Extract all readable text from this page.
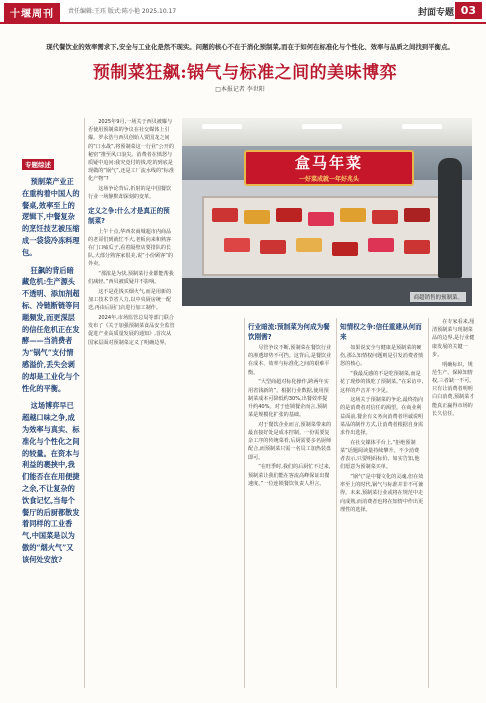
十堰周刊	责任编辑:王珏 版式:陈小艳 2025.10.17	封面专题 03
现代餐饮业的效率需求下,安全与工业化是然不现实。问题的核心不在于消化预制菜,而在于如何在标准化与个性化、效率与品质之间找到平衡点。
预制菜狂飙:锅气与标准之间的美味博弈
□本报记者 李世阳
专题综述

预制菜产业正在重构着中国人的餐桌,效率至上的逻辑下,中餐复杂的烹饪技艺被压缩成一袋袋冷冻料理包。

狂飙的背后暗藏危机:生产源头不透明、添加剂超标、冷链断链等问题频发,而更深层的信任危机正在发酵——当消费者为“锅气”支付情感溢价,丢失会剥的却是工业化与个性化的平衡。

这场博弈早已超越口味之争,成为效率与真实、标准化与个性化之间的较量。在资本与利益的裹挟中,我们能否在在用便捷之余,不让复杂的饮食记忆,当每个餐厅的后厨都散发着同样的工业香气,中国菜是以为傲的“烟火气”又该何处安放?

2025年9月,一场关于西贝被曝与否使用预制菜的争议在社交媒体上引爆。罗永浩与西贝创始人贾国龙之间的“口水战”,将预制菜这一行业“公开的秘密”推至风口浪尖。消费者在愤怒与质疑中追问:我究竟付的钱,吃的到底是现做的“锅气”,还是工厂流水线的“标准化产物”?

这场争论背后,折射的是中国餐饮行业一场静默却深刻的变革。

定义之争:什么才是真正的预制菜?

上午十点,华西农商城超市内商品的老哥们到就忙不大,老板向来和熟客在门口嗑瓜子,看着隔壁店要排队的长队,大部分熟客家很美,说“小份顾客”的外卖。

“那浓是为快,预制菜行业都能帮我们减轻。”西贝被质疑并不影响。

这不是花钱买烟火气,而是用新的加工技术节省人力,以中央厨房统一配送,再由后厨门店进行加工制作。

2024年,市场监管总局等部门联合发布了《关于加强预制菜食品安全监管 促进产业高质量发展的通知》,首次从国家层面对预制菜定义了明确边界。

盒马年菜
一好菜成就一年好兆头
商超销售的预制菜。
行业暗流:预制菜为何成为餐饮刚需?

尽管争议不断,预制菜在餐饮行业的渗透却势不可挡。这背后,是餐饮业在成本、效率与标准化之间的艰难平衡。

“大型商超对标化操作,跨两年实用省钱新的”。根据行业数据,使用预制菜成本可降低约30%,出餐效率提升约40%。对于连锁餐企而言,预制菜是规模化扩张的基础。

对于餐饮企业而言,预制菜带来的最直接好处是成本控制。一份需要复杂工序的传统菜肴,后厨需要多名厨师配合,而预制菜只需一名员工加热装盘即可。

“在旺季时,我们的后厨忙不过来,预制菜让我们能在客流高峰保证出餐速度。”一位连锁餐饮负责人坦言。

知情权之争:信任重建从何而来

如果说安全与健康是预制菜的硬伤,那么知情权问题则是引发消费者愤怒的核心。

“我最反感的不是吃预制菜,而是花了现炒的钱吃了预制菜。”在采访中,这样的声音并不少见。

这场关于预制菜的争论,最终指向的是消费者对信任的渴望。在商业利益面前,餐企有义务向消费者坦诚说明菜品的制作方式,让消费者根据自身需求作出选择。

在社交媒体平台上,“拒绝预制菜”话题阅读量持续攀升。不少消费者表示,只要明码标价、如实告知,他们愿意为预制菜买单。

“锅气”是中餐文化的灵魂,但在效率至上的时代,锅气与标准并非不可兼得。未来,预制菜行业或将在规范中走向成熟,而消费者也将在知情中作出更理性的选择。

在专家看来,厘清预制菜与现制菜品的边界,是行业健康发展的关键一步。

明确标识、规范生产、保障知情权,三者缺一不可。只有让消费者明明白白消费,预制菜才能真正赢得市场的长久信任。
